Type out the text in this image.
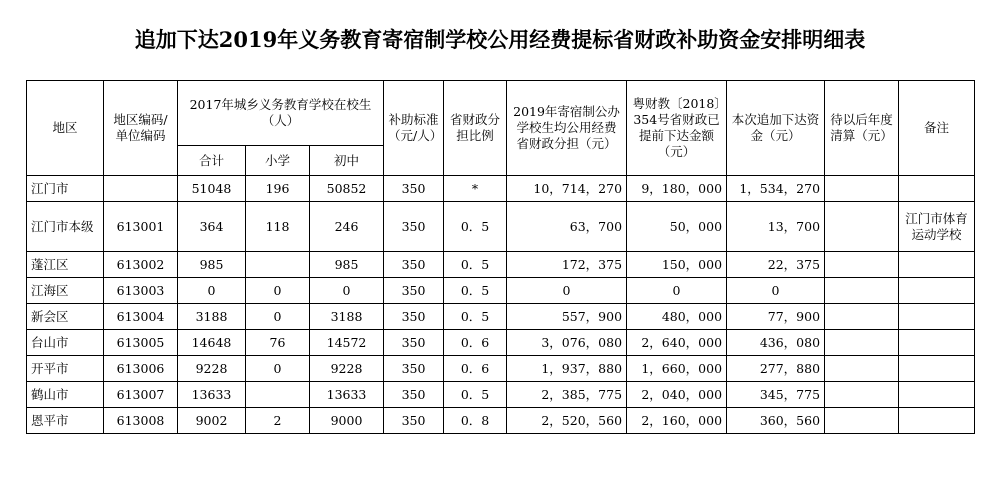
追加下达2019年义务教育寄宿制学校公用经费提标省财政补助资金安排明细表
地区	地区编码/单位编码	2017年城乡义务教育学校在校生（人）			补助标准（元/人）	省财政分担比例	2019年寄宿制公办学校生均公用经费省财政分担（元）	粤财教〔2018〕354号省财政已提前下达金额（元）	本次追加下达资金（元）	待以后年度清算（元）	备注
		合计	小学	初中							
江门市		51048	196	50852	350	*	10，714，270	9，180，000	1，534，270		
江门市本级	613001	364	118	246	350	0．5	63，700	50，000	13，700		江门市体育运动学校
蓬江区	613002	985		985	350	0．5	172，375	150，000	22，375		
江海区	613003	0	0	0	350	0．5	0	0	0		
新会区	613004	3188	0	3188	350	0．5	557，900	480，000	77，900		
台山市	613005	14648	76	14572	350	0．6	3，076，080	2，640，000	436，080		
开平市	613006	9228	0	9228	350	0．6	1，937，880	1，660，000	277，880		
鹤山市	613007	13633		13633	350	0．5	2，385，775	2，040，000	345，775		
恩平市	613008	9002	2	9000	350	0．8	2，520，560	2，160，000	360，560		
